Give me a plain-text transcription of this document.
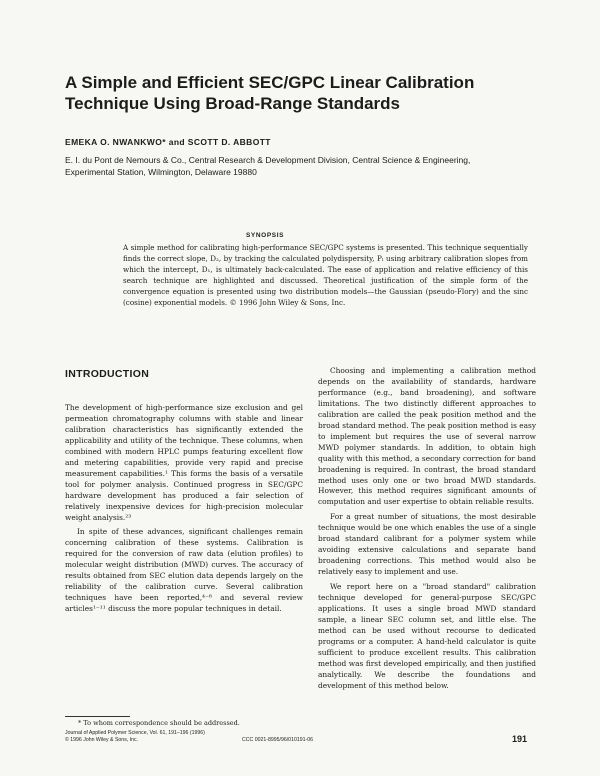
A Simple and Efficient SEC/GPC Linear Calibration
Technique Using Broad-Range Standards
EMEKA O. NWANKWO* and SCOTT D. ABBOTT
E. I. du Pont de Nemours & Co., Central Research & Development Division, Central Science & Engineering,
Experimental Station, Wilmington, Delaware 19880
SYNOPSIS

A simple method for calibrating high-performance SEC/GPC systems is presented. This technique sequentially finds the correct slope, D₂, by tracking the calculated polydispersity, Pₗ using arbitrary calibration slopes from which the intercept, D₁, is ultimately back-calculated. The ease of application and relative efficiency of this search technique are highlighted and discussed. Theoretical justification of the simple form of the convergence equation is presented using two distribution models—the Gaussian (pseudo-Flory) and the sinc (cosine) exponential models. © 1996 John Wiley & Sons, Inc.

INTRODUCTION

The development of high-performance size exclusion and gel permeation chromatography columns with stable and linear calibration characteristics has significantly extended the applicability and utility of the technique. These columns, when combined with modern HPLC pumps featuring excellent flow and metering capabilities, provide very rapid and precise measurement capabilities.¹ This forms the basis of a versatile tool for polymer analysis. Continued progress in SEC/GPC hardware development has produced a fair selection of relatively inexpensive devices for high-precision molecular weight analysis.²³

In spite of these advances, significant challenges remain concerning calibration of these systems. Calibration is required for the conversion of raw data (elution profiles) to molecular weight distribution (MWD) curves. The accuracy of results obtained from SEC elution data depends largely on the reliability of the calibration curve. Several calibration techniques have been reported,⁴⁻⁸ and several review articles¹⁻¹¹ discuss the more popular techniques in detail.

Choosing and implementing a calibration method depends on the availability of standards, hardware performance (e.g., band broadening), and software limitations. The two distinctly different approaches to calibration are called the peak position method and the broad standard method. The peak position method is easy to implement but requires the use of several narrow MWD polymer standards. In addition, to obtain high quality with this method, a secondary correction for band broadening is required. In contrast, the broad standard method uses only one or two broad MWD standards. However, this method requires significant amounts of computation and user expertise to obtain reliable results.

For a great number of situations, the most desirable technique would be one which enables the use of a single broad standard calibrant for a polymer system while avoiding extensive calculations and separate band broadening corrections. This method would also be relatively easy to implement and use.

We report here on a "broad standard" calibration technique developed for general-purpose SEC/GPC applications. It uses a single broad MWD standard sample, a linear SEC column set, and little else. The method can be used without recourse to dedicated programs or a computer. A hand-held calculator is quite sufficient to produce excellent results. This calibration method was first developed empirically, and then justified analytically. We describe the foundations and development of this method below.

* To whom correspondence should be addressed.
Journal of Applied Polymer Science, Vol. 61, 191–196 (1996)
© 1996 John Wiley & Sons, Inc.	CCC 0021-8995/96/010191-06	191
